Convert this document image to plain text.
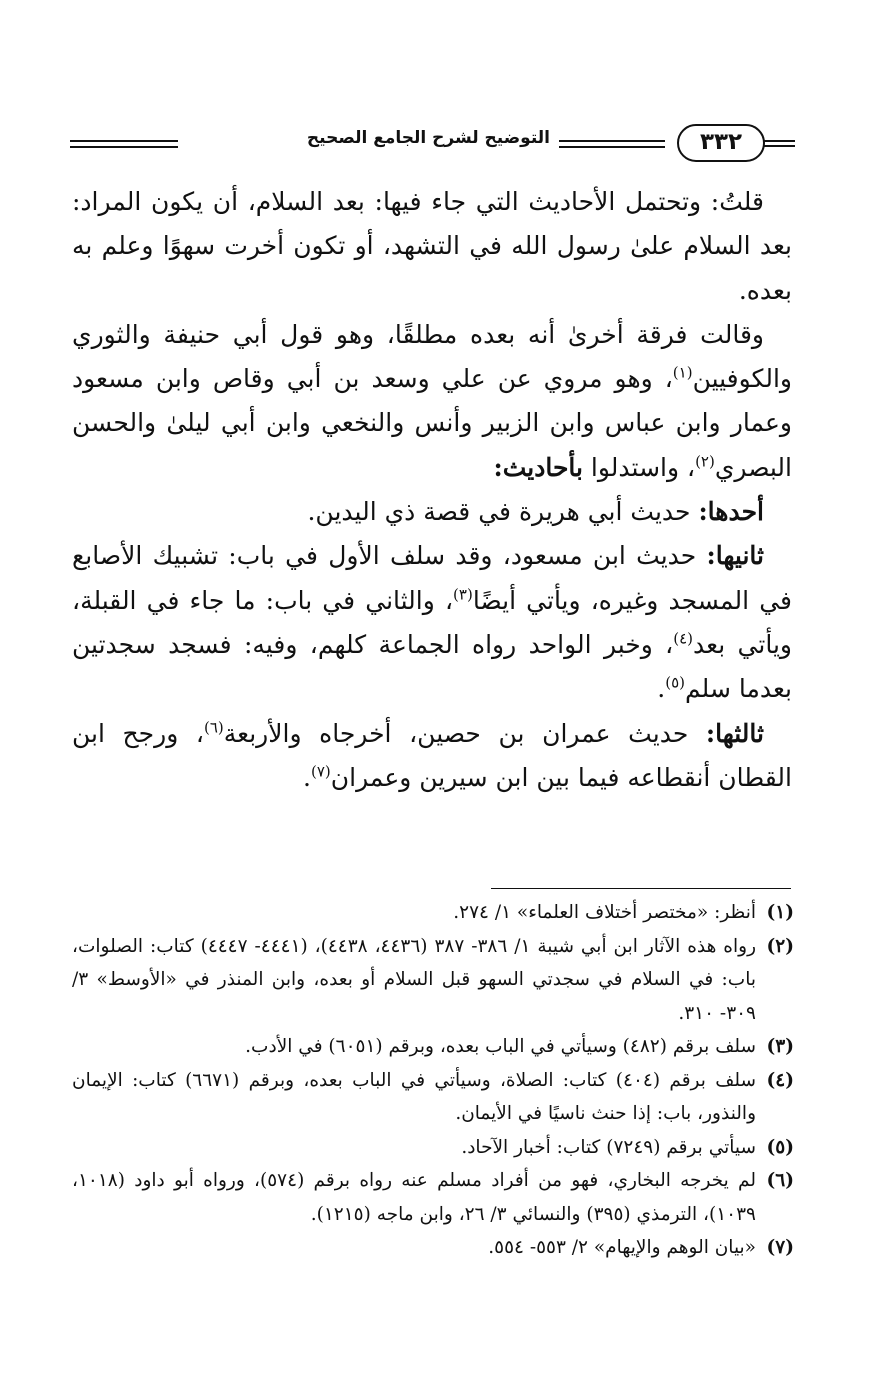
٣٣٢
التوضيح لشرح الجامع الصحيح

قلتُ: وتحتمل الأحاديث التي جاء فيها: بعد السلام، أن يكون المراد: بعد السلام علىٰ رسول الله في التشهد، أو تكون أخرت سهوًا وعلم به بعده.

وقالت فرقة أخرىٰ أنه بعده مطلقًا، وهو قول أبي حنيفة والثوري والكوفيين$^{(١)}$، وهو مروي عن علي وسعد بن أبي وقاص وابن مسعود وعمار وابن عباس وابن الزبير وأنس والنخعي وابن أبي ليلىٰ والحسن البصري$^{(٢)}$، واستدلوا بأحاديث:

أحدها: حديث أبي هريرة في قصة ذي اليدين.

ثانيها: حديث ابن مسعود، وقد سلف الأول في باب: تشبيك الأصابع في المسجد وغيره، ويأتي أيضًا$^{(٣)}$، والثاني في باب: ما جاء في القبلة، ويأتي بعد$^{(٤)}$، وخبر الواحد رواه الجماعة كلهم، وفيه: فسجد سجدتين بعدما سلم$^{(٥)}$.

ثالثها: حديث عمران بن حصين، أخرجاه والأربعة$^{(٦)}$، ورجح ابن القطان أنقطاعه فيما بين ابن سيرين وعمران$^{(٧)}$.

(١)
أنظر: «مختصر أختلاف العلماء» ١/ ٢٧٤.
(٢)
رواه هذه الآثار ابن أبي شيبة ١/ ٣٨٦- ٣٨٧ (٤٤٣٦، ٤٤٣٨)، (٤٤٤١- ٤٤٤٧) كتاب: الصلوات، باب: في السلام في سجدتي السهو قبل السلام أو بعده، وابن المنذر في «الأوسط» ٣/ ٣٠٩- ٣١٠.
(٣)
سلف برقم (٤٨٢) وسيأتي في الباب بعده، وبرقم (٦٠٥١) في الأدب.
(٤)
سلف برقم (٤٠٤) كتاب: الصلاة، وسيأتي في الباب بعده، وبرقم (٦٦٧١) كتاب: الإيمان والنذور، باب: إذا حنث ناسيًا في الأيمان.
(٥)
سيأتي برقم (٧٢٤٩) كتاب: أخبار الآحاد.
(٦)
لم يخرجه البخاري، فهو من أفراد مسلم عنه رواه برقم (٥٧٤)، ورواه أبو داود (١٠١٨، ١٠٣٩)، الترمذي (٣٩٥) والنسائي ٣/ ٢٦، وابن ماجه (١٢١٥).
(٧)
«بيان الوهم والإيهام» ٢/ ٥٥٣- ٥٥٤.
